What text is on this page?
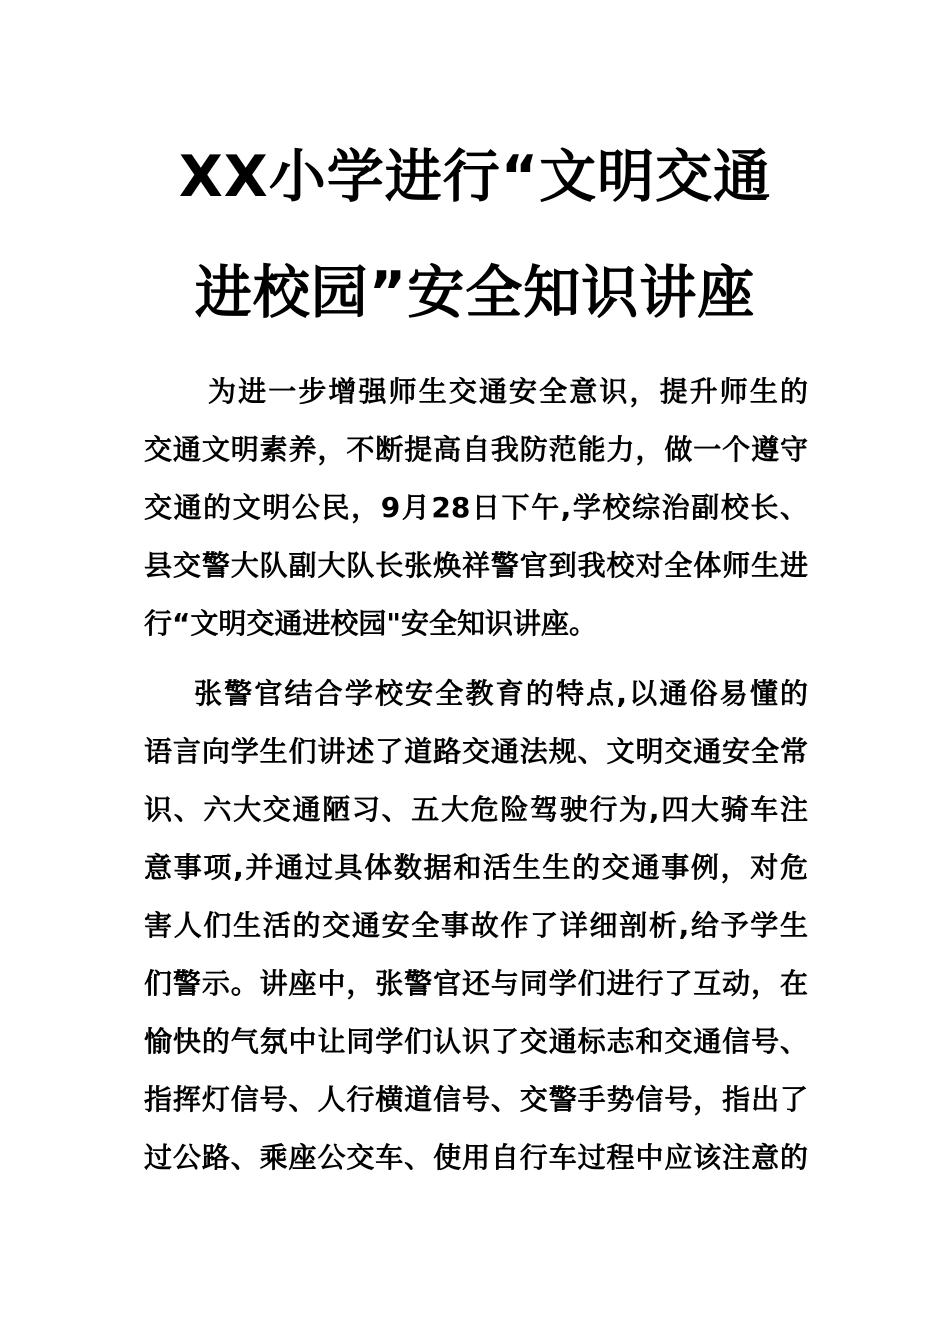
XX小学进行“文明交通
进校园”安全知识讲座
为进一步增强师生交通安全意识，提升师生的
交通文明素养，不断提高自我防范能力，做一个遵守
交通的文明公民，9月28日下午,学校综治副校长、
县交警大队副大队长张焕祥警官到我校对全体师生进
行“文明交通进校园"安全知识讲座。
张警官结合学校安全教育的特点,以通俗易懂的
语言向学生们讲述了道路交通法规、文明交通安全常
识、六大交通陋习、五大危险驾驶行为,四大骑车注
意事项,并通过具体数据和活生生的交通事例，对危
害人们生活的交通安全事故作了详细剖析,给予学生
们警示。讲座中，张警官还与同学们进行了互动，在
愉快的气氛中让同学们认识了交通标志和交通信号、
指挥灯信号、人行横道信号、交警手势信号，指出了
过公路、乘座公交车、使用自行车过程中应该注意的
